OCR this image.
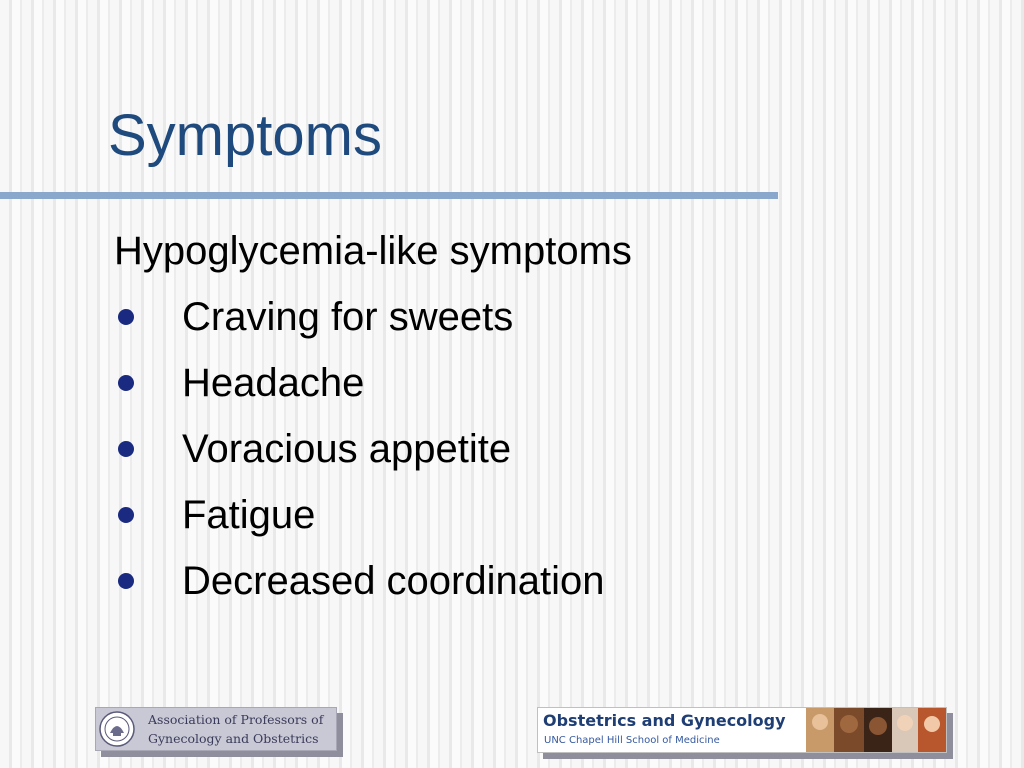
Symptoms

Hypoglycemia-like symptoms

Craving for sweets
Headache
Voracious appetite
Fatigue
Decreased coordination
Association of Professors of
Gynecology and Obstetrics
Obstetrics and Gynecology
UNC Chapel Hill School of Medicine
